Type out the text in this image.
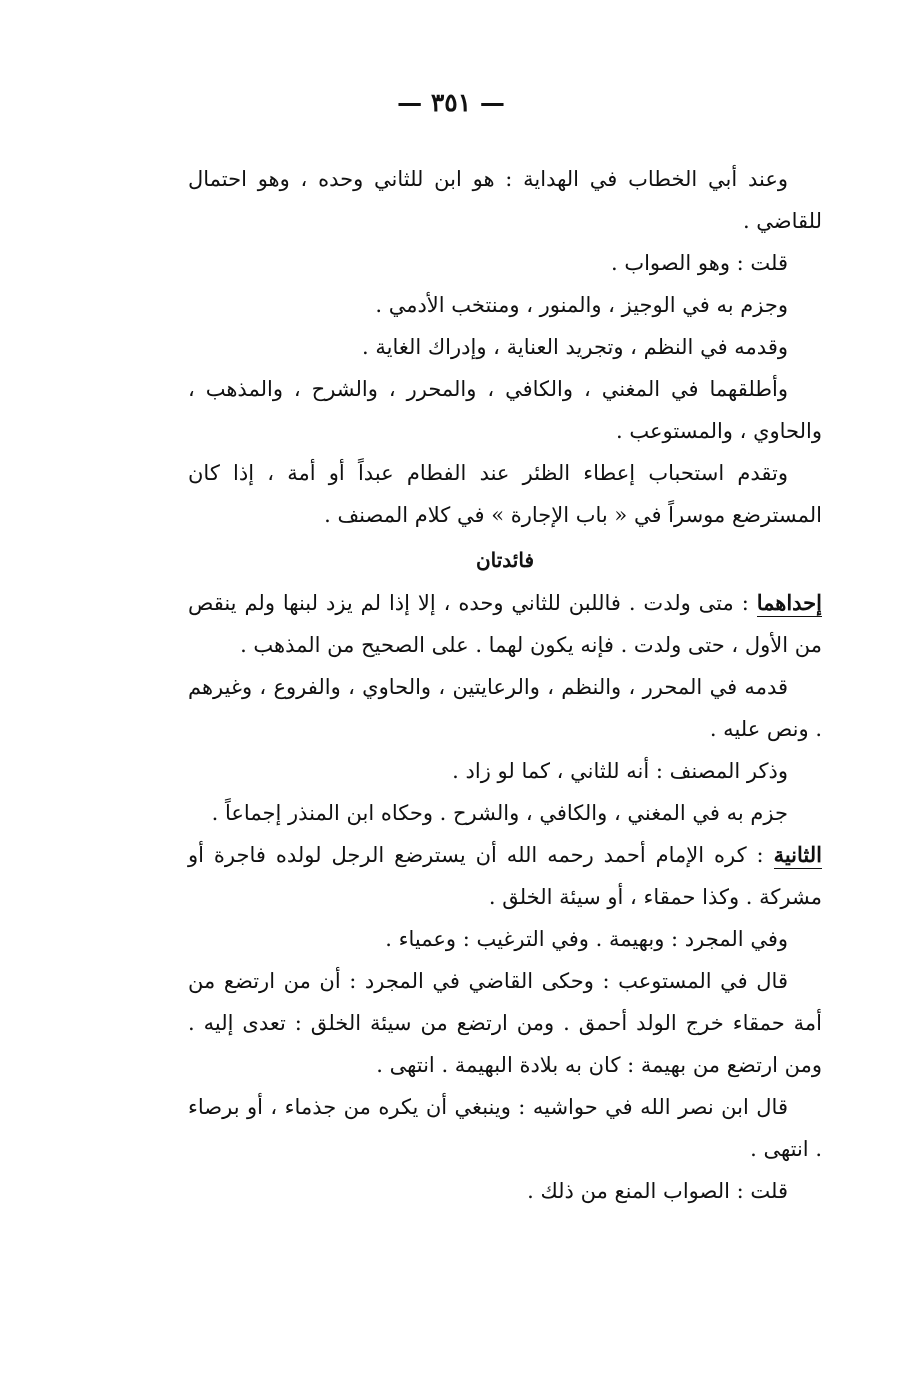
— ٣٥١ —

وعند أبي الخطاب في الهداية : هو ابن للثاني وحده ، وهو احتمال للقاضي .

قلت : وهو الصواب .

وجزم به في الوجيز ، والمنور ، ومنتخب الأدمي .

وقدمه في النظم ، وتجريد العناية ، وإدراك الغاية .

وأطلقهما في المغني ، والكافي ، والمحرر ، والشرح ، والمذهب ، والحاوي ، والمستوعب .

وتقدم استحباب إعطاء الظئر عند الفطام عبداً أو أمة ، إذا كان المسترضع موسراً في « باب الإجارة » في كلام المصنف .

فائدتان

إحداهما : متى ولدت . فاللبن للثاني وحده ، إلا إذا لم يزد لبنها ولم ينقص من الأول ، حتى ولدت . فإنه يكون لهما . على الصحيح من المذهب .

قدمه في المحرر ، والنظم ، والرعايتين ، والحاوي ، والفروع ، وغيرهم . ونص عليه .

وذكر المصنف : أنه للثاني ، كما لو زاد .

جزم به في المغني ، والكافي ، والشرح . وحكاه ابن المنذر إجماعاً .

الثانية : كره الإمام أحمد رحمه الله أن يسترضع الرجل لولده فاجرة أو مشركة . وكذا حمقاء ، أو سيئة الخلق .

وفي المجرد : وبهيمة . وفي الترغيب : وعمياء .

قال في المستوعب : وحكى القاضي في المجرد : أن من ارتضع من أمة حمقاء خرج الولد أحمق . ومن ارتضع من سيئة الخلق : تعدى إليه . ومن ارتضع من بهيمة : كان به بلادة البهيمة . انتهى .

قال ابن نصر الله في حواشيه : وينبغي أن يكره من جذماء ، أو برصاء . انتهى .

قلت : الصواب المنع من ذلك .
